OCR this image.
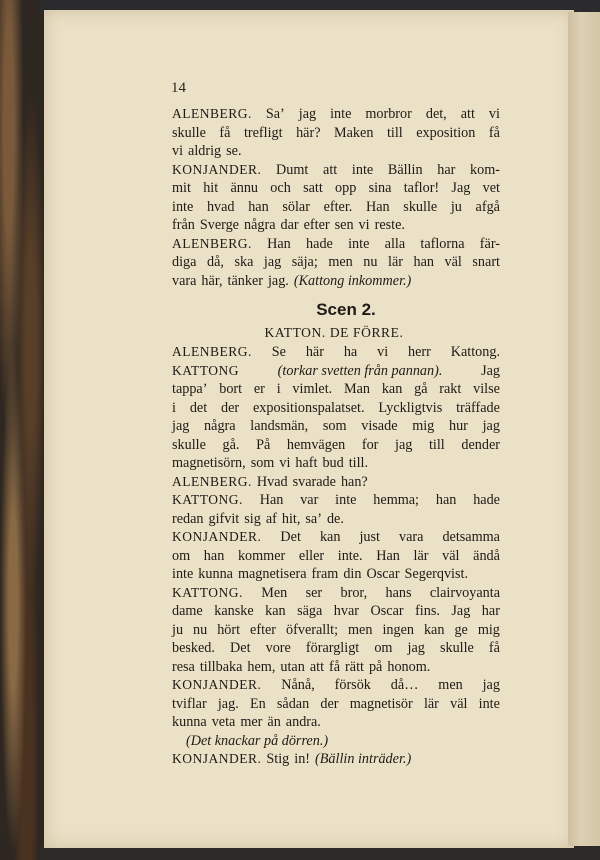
14
ALENBERG. Sa’ jag inte morbror det, att vi
skulle få trefligt här? Maken till exposition få
vi aldrig se.
KONJANDER. Dumt att inte Bällin har kom-
mit hit ännu och satt opp sina taflor! Jag vet
inte hvad han sölar efter. Han skulle ju afgå
från Sverge några dar efter sen vi reste.
ALENBERG. Han hade inte alla taflorna fär-
diga då, ska jag säja; men nu lär han väl snart
vara här, tänker jag. (Kattong inkommer.)
Scen 2.
KATTON. DE FÖRRE.
ALENBERG. Se här ha vi herr Kattong.
KATTONG	(torkar svetten från pannan).	Jag
tappa’ bort er i vimlet. Man kan gå rakt vilse
i det der expositionspalatset. Lyckligtvis träffade
jag några landsmän, som visade mig hur jag
skulle gå. På hemvägen for jag till dender
magnetisörn, som vi haft bud till.
ALENBERG. Hvad svarade han?
KATTONG. Han var inte hemma; han hade
redan gifvit sig af hit, sa’ de.
KONJANDER. Det kan just vara detsamma
om han kommer eller inte. Han lär väl ändå
inte kunna magnetisera fram din Oscar Segerqvist.
KATTONG. Men ser bror, hans clairvoyanta
dame kanske kan säga hvar Oscar fins. Jag har
ju nu hört efter öfverallt; men ingen kan ge mig
besked. Det vore förargligt om jag skulle få
resa tillbaka hem, utan att få rätt på honom.
KONJANDER. Nånå, försök då… men jag
tviflar jag. En sådan der magnetisör lär väl inte
kunna veta mer än andra.
(Det knackar på dörren.)
KONJANDER. Stig in! (Bällin inträder.)
